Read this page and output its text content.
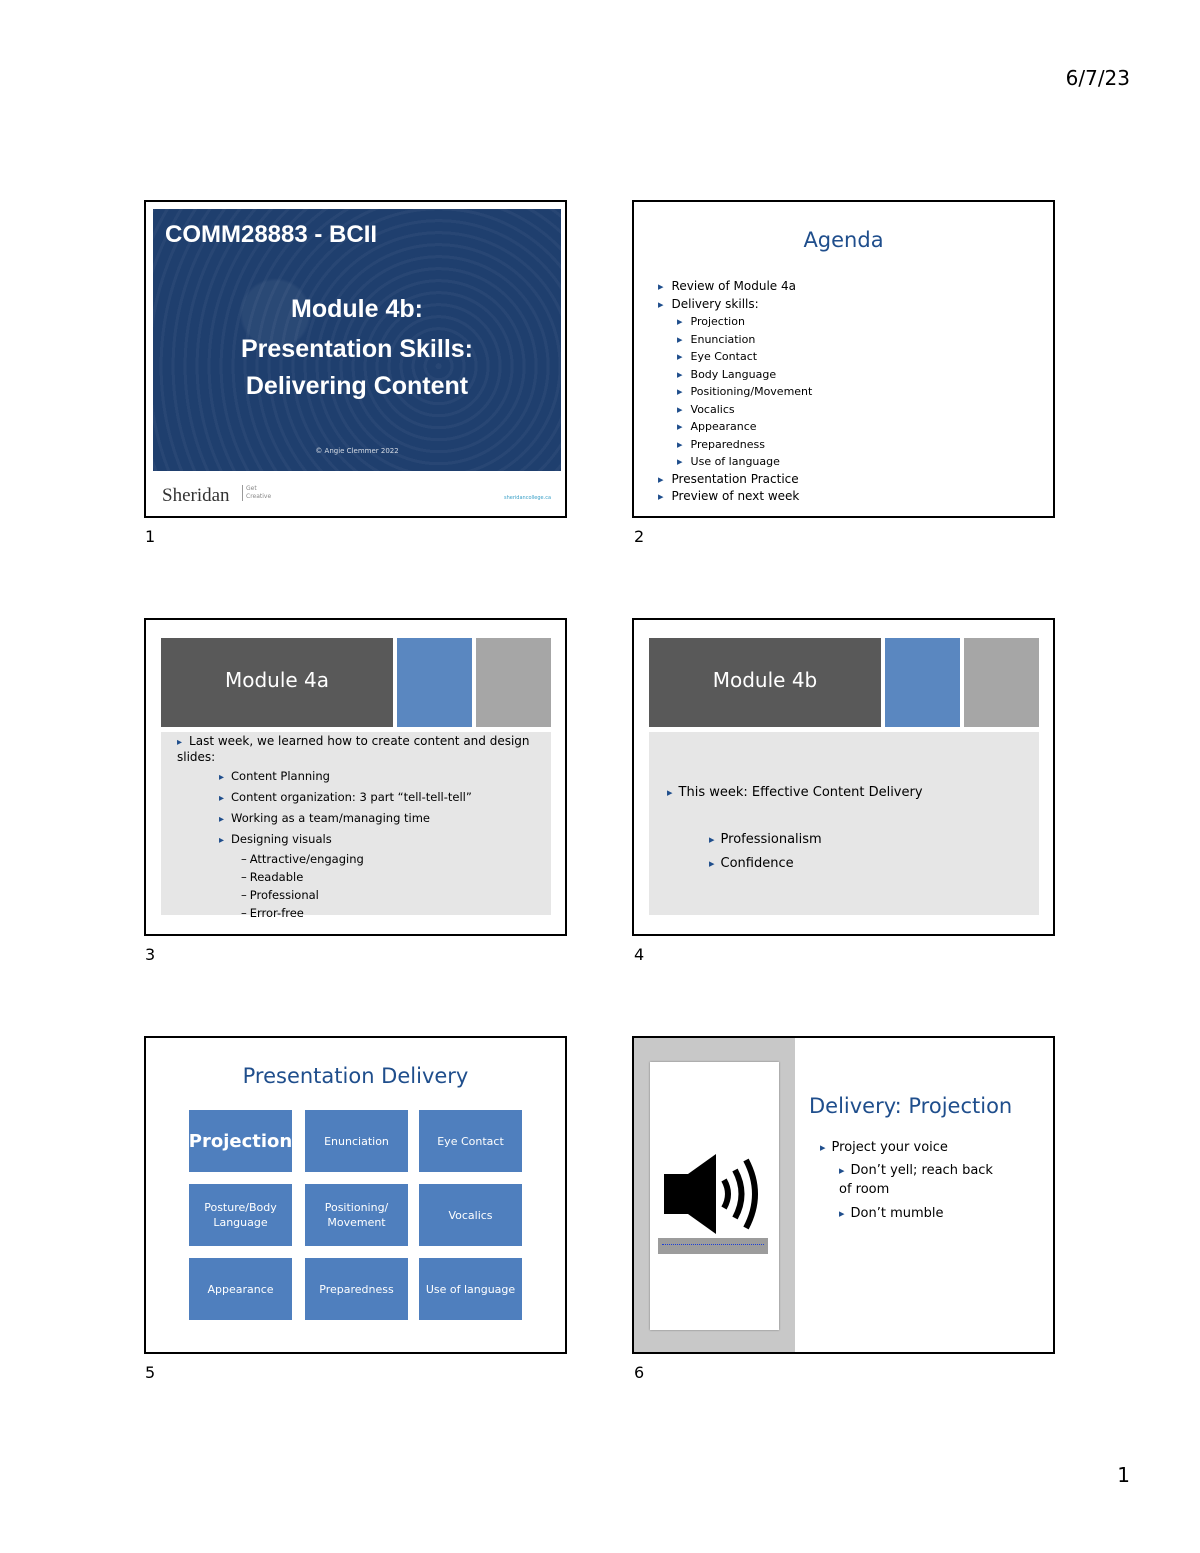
6/7/23
COMM28883 - BCII
Module 4b:
Presentation Skills:
Delivering Content
© Angie Clemmer 2022
Sheridan	Get Creative	sheridancollege.ca
1
Agenda
▸ Review of Module 4a
▸ Delivery skills:
▸ Projection
▸ Enunciation
▸ Eye Contact
▸ Body Language
▸ Positioning/Movement
▸ Vocalics
▸ Appearance
▸ Preparedness
▸ Use of language
▸ Presentation Practice
▸ Preview of next week
2
Module 4a
▸ Last week, we learned how to create content and design slides:
▸ Content Planning
▸ Content organization: 3 part “tell-tell-tell”
▸ Working as a team/managing time
▸ Designing visuals
– Attractive/engaging
– Readable
– Professional
– Error-free
3
Module 4b
▸ This week: Effective Content Delivery
▸ Professionalism
▸ Confidence
4
Presentation Delivery
Projection	Enunciation	Eye Contact
Posture/Body Language
Positioning/ Movement
Vocalics
Appearance	Preparedness	Use of language
5
Delivery: Projection
▸ Project your voice
▸ Don’t yell; reach back of room
▸ Don’t mumble
6
1
